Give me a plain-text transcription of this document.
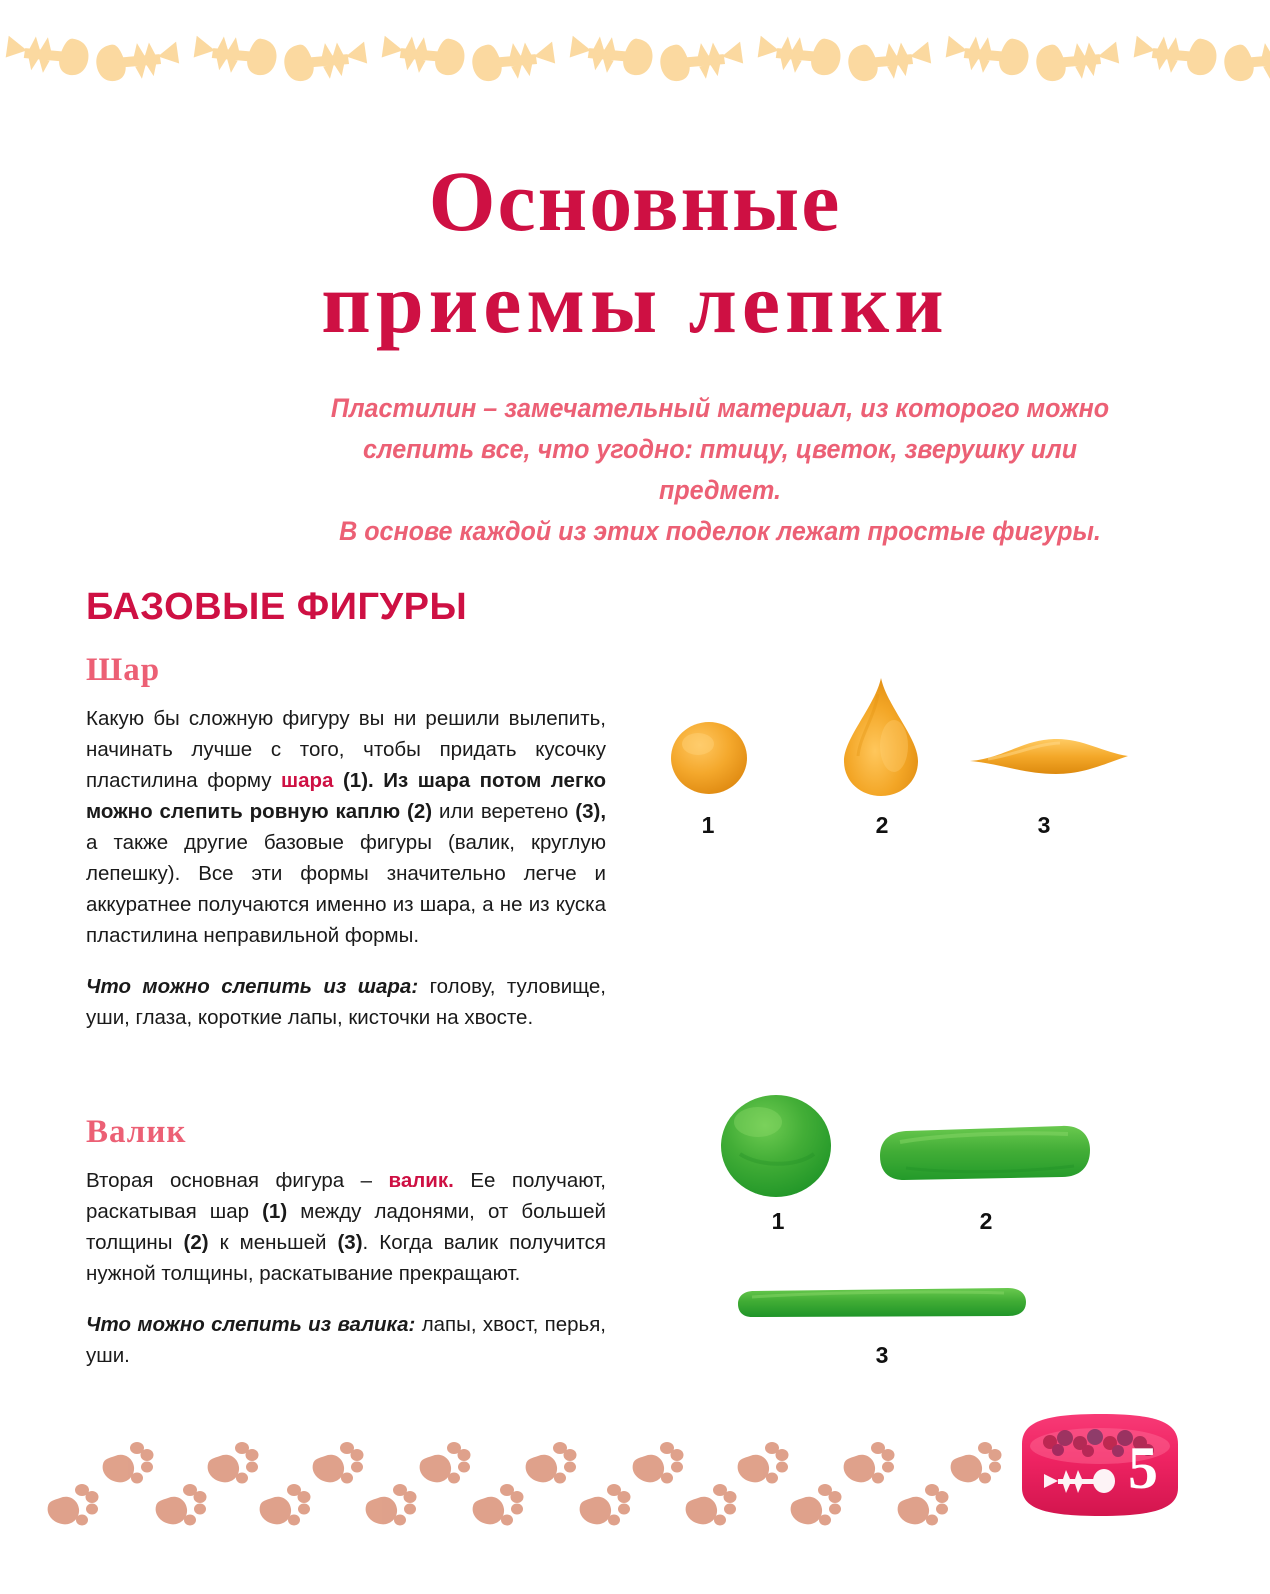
Основные
приемы лепки
Пластилин – замечательный материал, из которого можно
слепить все, что угодно: птицу, цветок, зверушку или предмет.
В основе каждой из этих поделок лежат простые фигуры.
БАЗОВЫЕ ФИГУРЫ
Шар

Какую бы сложную фигуру вы ни решили вылепить, начинать лучше с того, чтобы придать кусочку пластилина форму шара (1). Из шара потом легко можно слепить ровную каплю (2) или веретено (3), а также другие базовые фигуры (валик, круглую лепешку). Все эти формы значительно легче и аккуратнее получаются именно из шара, а не из куска пластилина неправильной формы.

Что можно слепить из шара: голову, туловище, уши, глаза, короткие лапы, кисточки на хвосте.

Валик

Вторая основная фигура – валик. Ее получают, раскатывая шар (1) между ладонями, от большей толщины (2) к меньшей (3). Когда валик получится нужной толщины, раскатывание прекращают.

Что можно слепить из валика: лапы, хвост, перья, уши.

1	2	3
1	2
3
5
